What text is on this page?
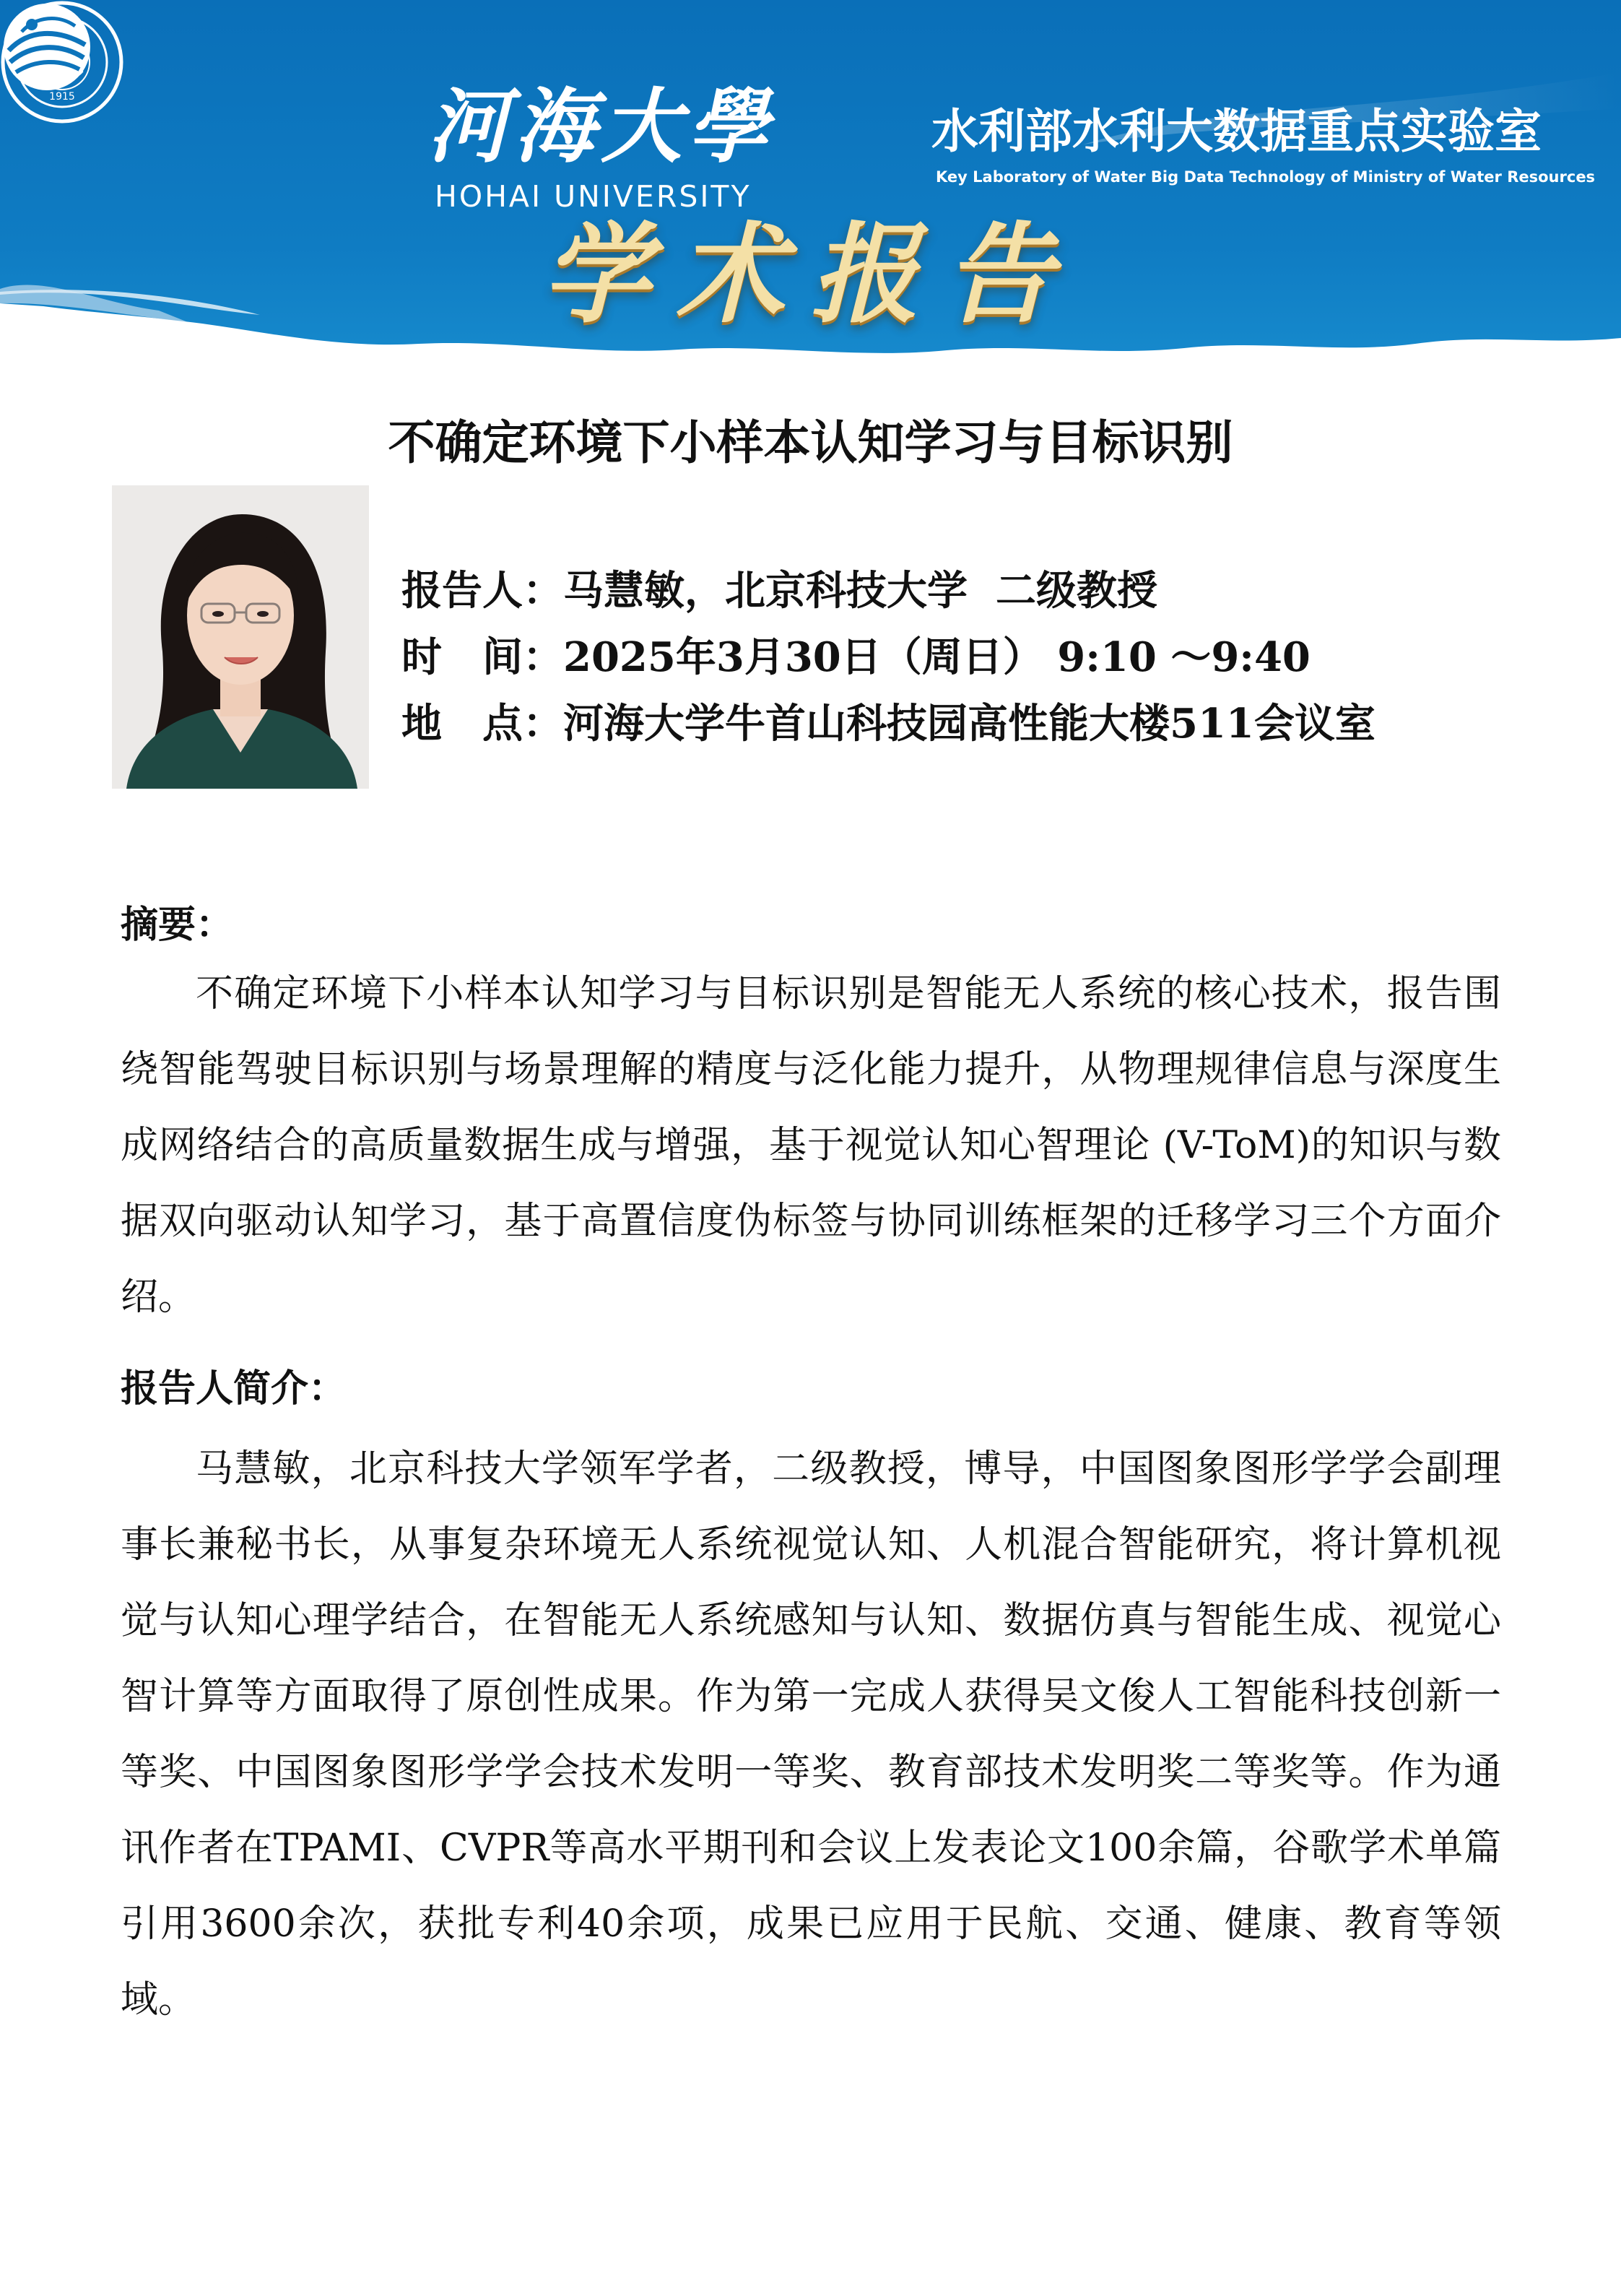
1915	河海大學
HOHAI UNIVERSITY
水利部水利大数据重点实验室
Key Laboratory of Water Big Data Technology of Ministry of Water Resources
学术报告
不确定环境下小样本认知学习与目标识别
报告人：马慧敏，北京科技大学  二级教授
时　间：2025年3月30日（周日） 9:10 ～9:40
地　点：河海大学牛首山科技园高性能大楼511会议室
摘要：

不确定环境下小样本认知学习与目标识别是智能无人系统的核心技术，报告围绕智能驾驶目标识别与场景理解的精度与泛化能力提升，从物理规律信息与深度生成网络结合的高质量数据生成与增强，基于视觉认知心智理论 (V-ToM)的知识与数据双向驱动认知学习，基于高置信度伪标签与协同训练框架的迁移学习三个方面介绍。

报告人简介：

马慧敏，北京科技大学领军学者，二级教授，博导，中国图象图形学学会副理事长兼秘书长，从事复杂环境无人系统视觉认知、人机混合智能研究，将计算机视觉与认知心理学结合，在智能无人系统感知与认知、数据仿真与智能生成、视觉心智计算等方面取得了原创性成果。作为第一完成人获得吴文俊人工智能科技创新一等奖、中国图象图形学学会技术发明一等奖、教育部技术发明奖二等奖等。作为通讯作者在TPAMI、CVPR等高水平期刊和会议上发表论文100余篇，谷歌学术单篇引用3600余次，获批专利40余项，成果已应用于民航、交通、健康、教育等领域。
